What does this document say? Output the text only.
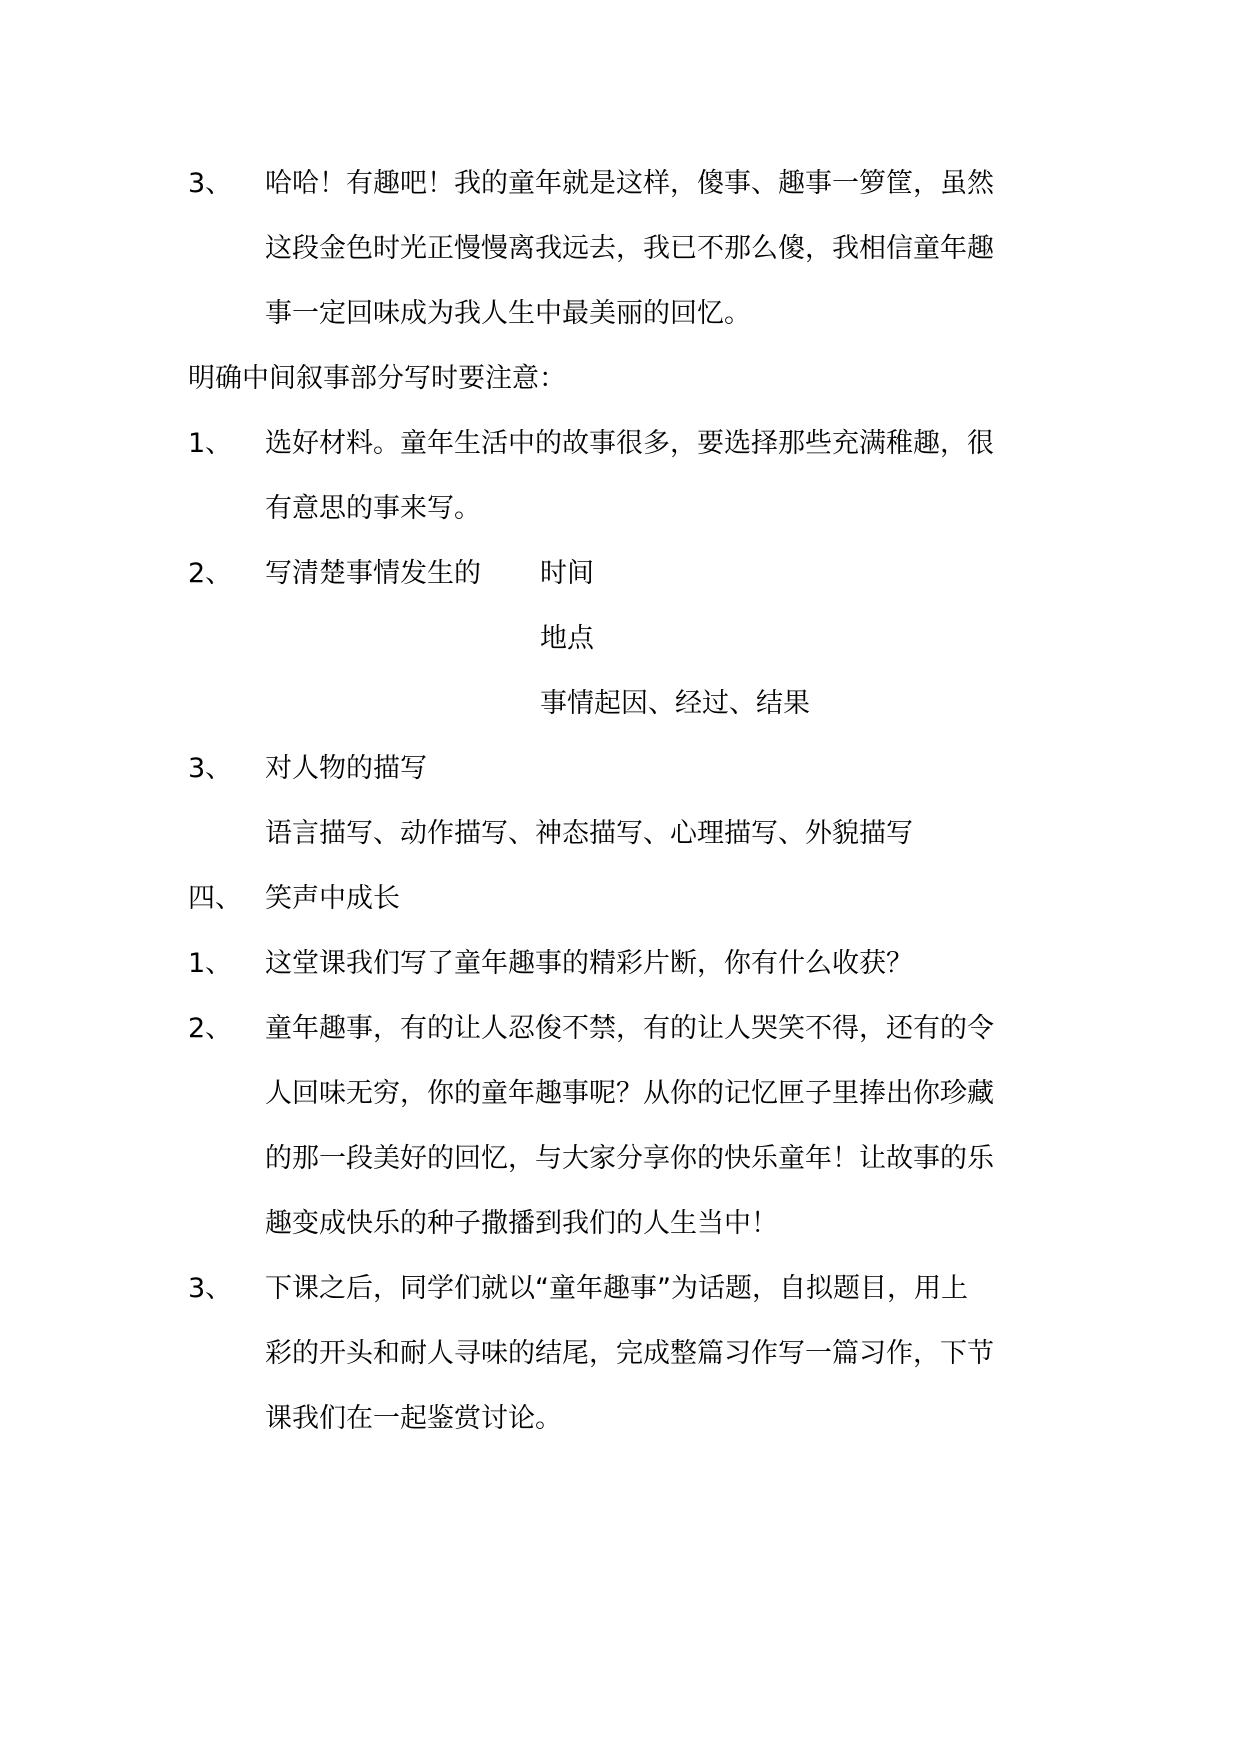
3、 哈哈！有趣吧！我的童年就是这样，傻事、趣事一箩筐，虽然
这段金色时光正慢慢离我远去，我已不那么傻，我相信童年趣
事一定回味成为我人生中最美丽的回忆。
明确中间叙事部分写时要注意：
1、 选好材料。童年生活中的故事很多，要选择那些充满稚趣，很
有意思的事来写。
2、 写清楚事情发生的 时间
地点
事情起因、经过、结果
3、 对人物的描写
语言描写、动作描写、神态描写、心理描写、外貌描写
四、 笑声中成长
1、 这堂课我们写了童年趣事的精彩片断，你有什么收获？
2、 童年趣事，有的让人忍俊不禁，有的让人哭笑不得，还有的令
人回味无穷，你的童年趣事呢？从你的记忆匣子里捧出你珍藏
的那一段美好的回忆，与大家分享你的快乐童年！让故事的乐
趣变成快乐的种子撒播到我们的人生当中！
3、 下课之后，同学们就以“童年趣事”为话题，自拟题目，用上
彩的开头和耐人寻味的结尾，完成整篇习作写一篇习作，下节
课我们在一起鉴赏讨论。
